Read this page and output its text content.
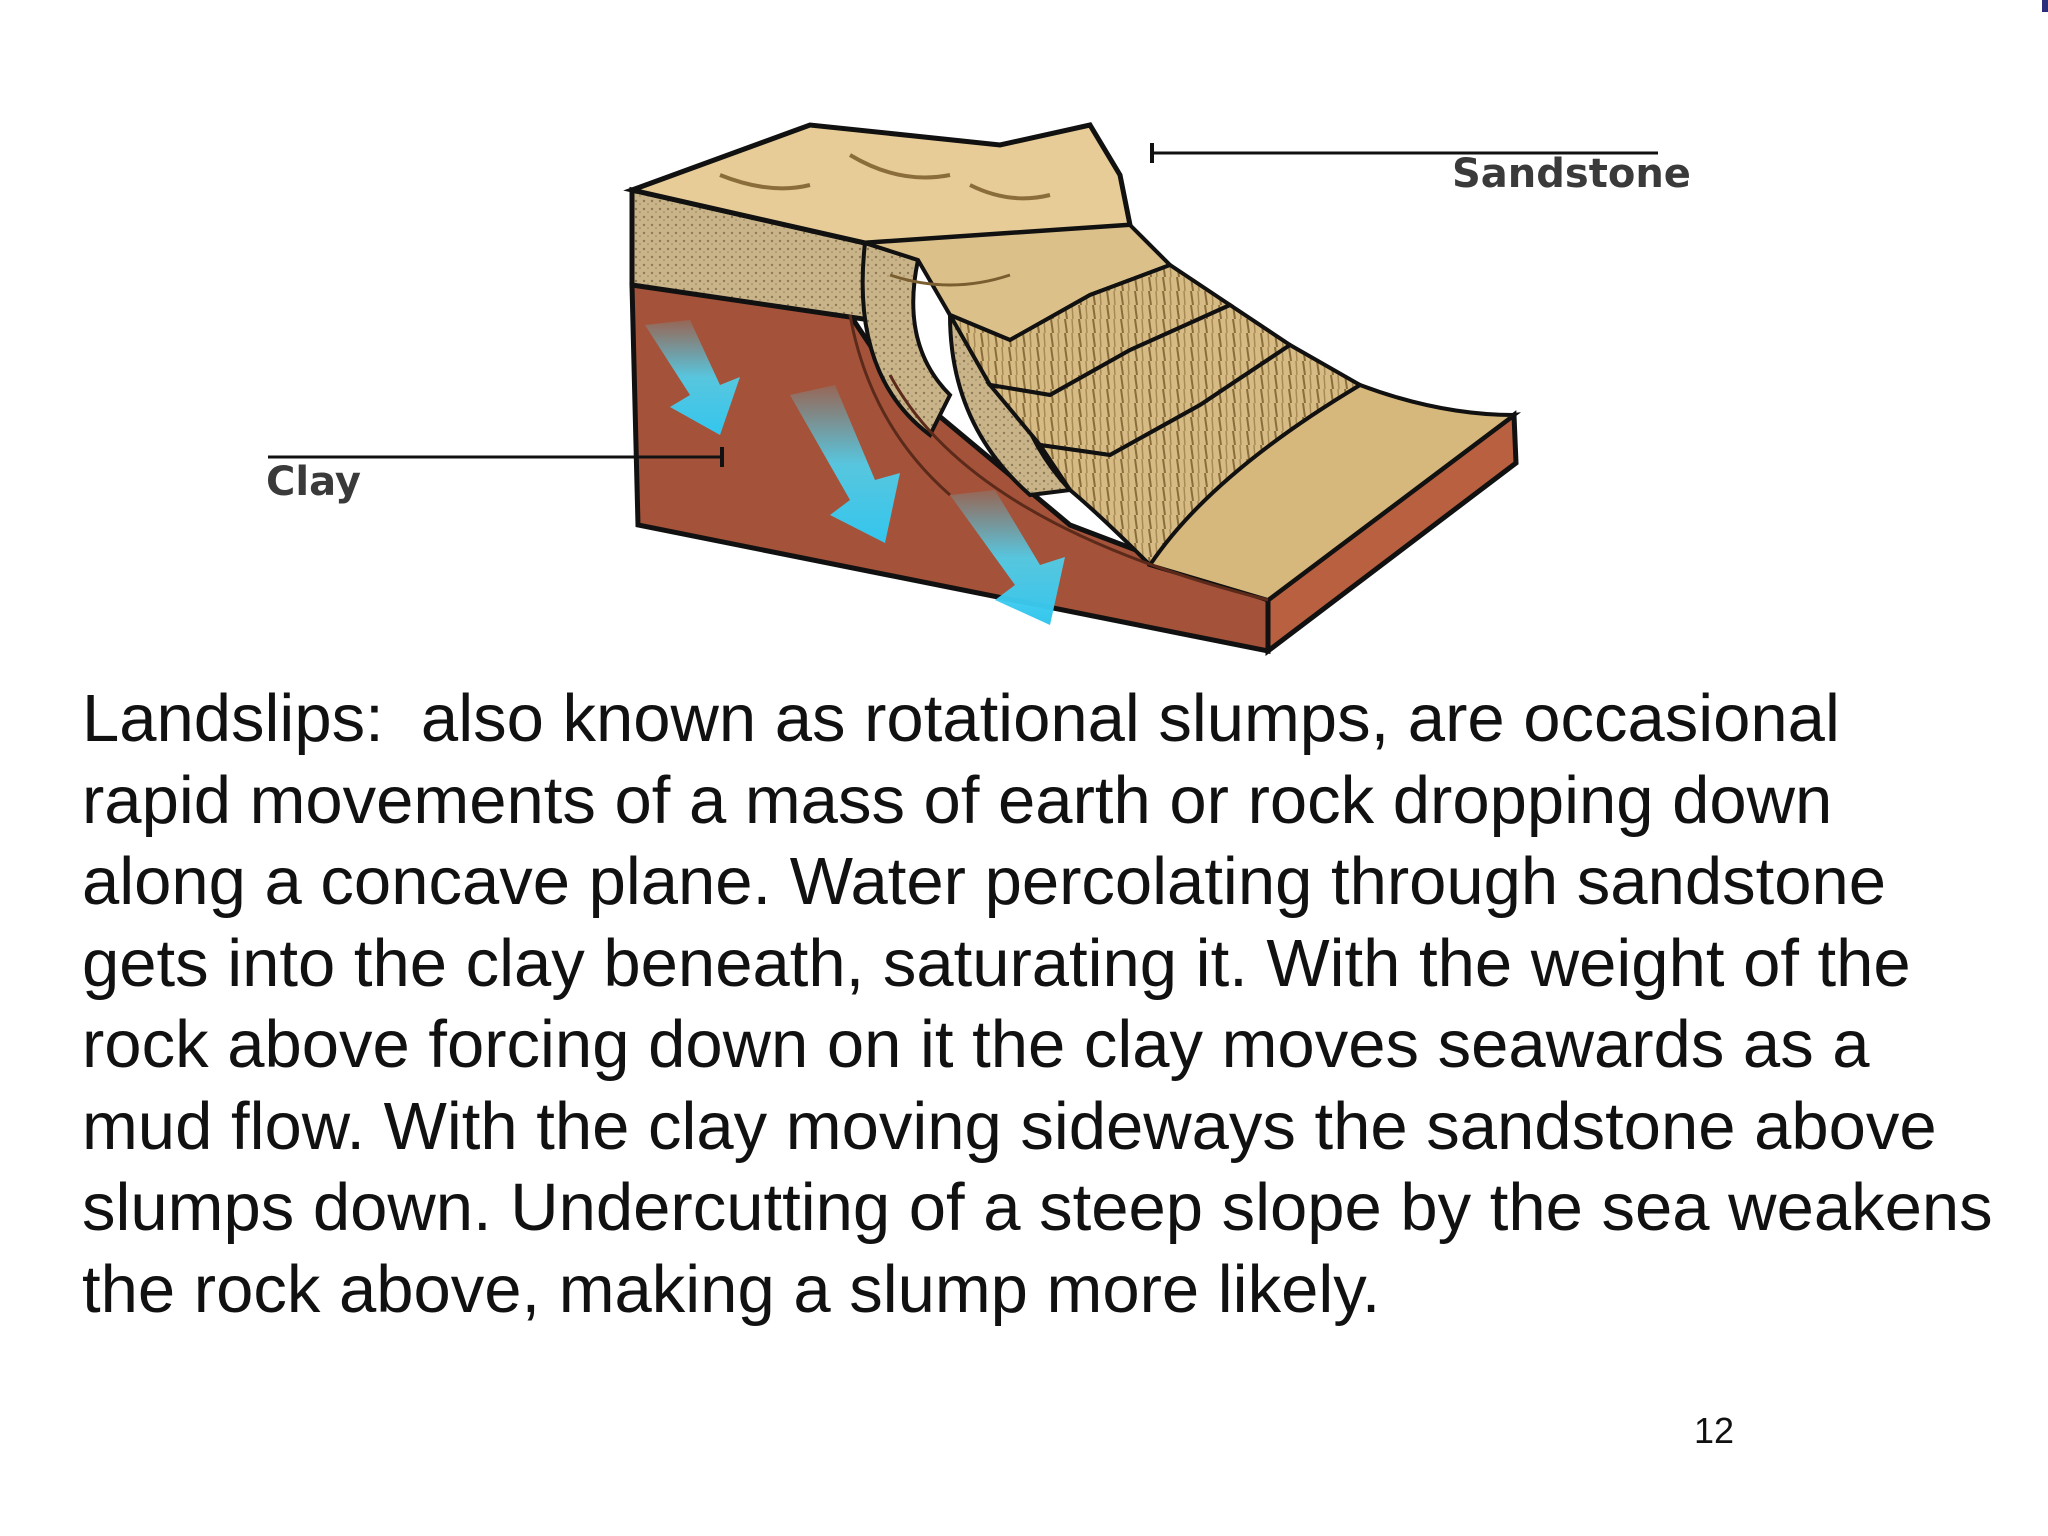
Sandstone
Clay

Landslips:  also known as rotational slumps, are occasional rapid movements of a mass of earth or rock dropping down along a concave plane. Water percolating through sandstone gets into the clay beneath, saturating it. With the weight of the rock above forcing down on it the clay moves seawards as a mud flow. With the clay moving sideways the sandstone above slumps down. Undercutting of a steep slope by the sea weakens the rock above, making a slump more likely.

12
